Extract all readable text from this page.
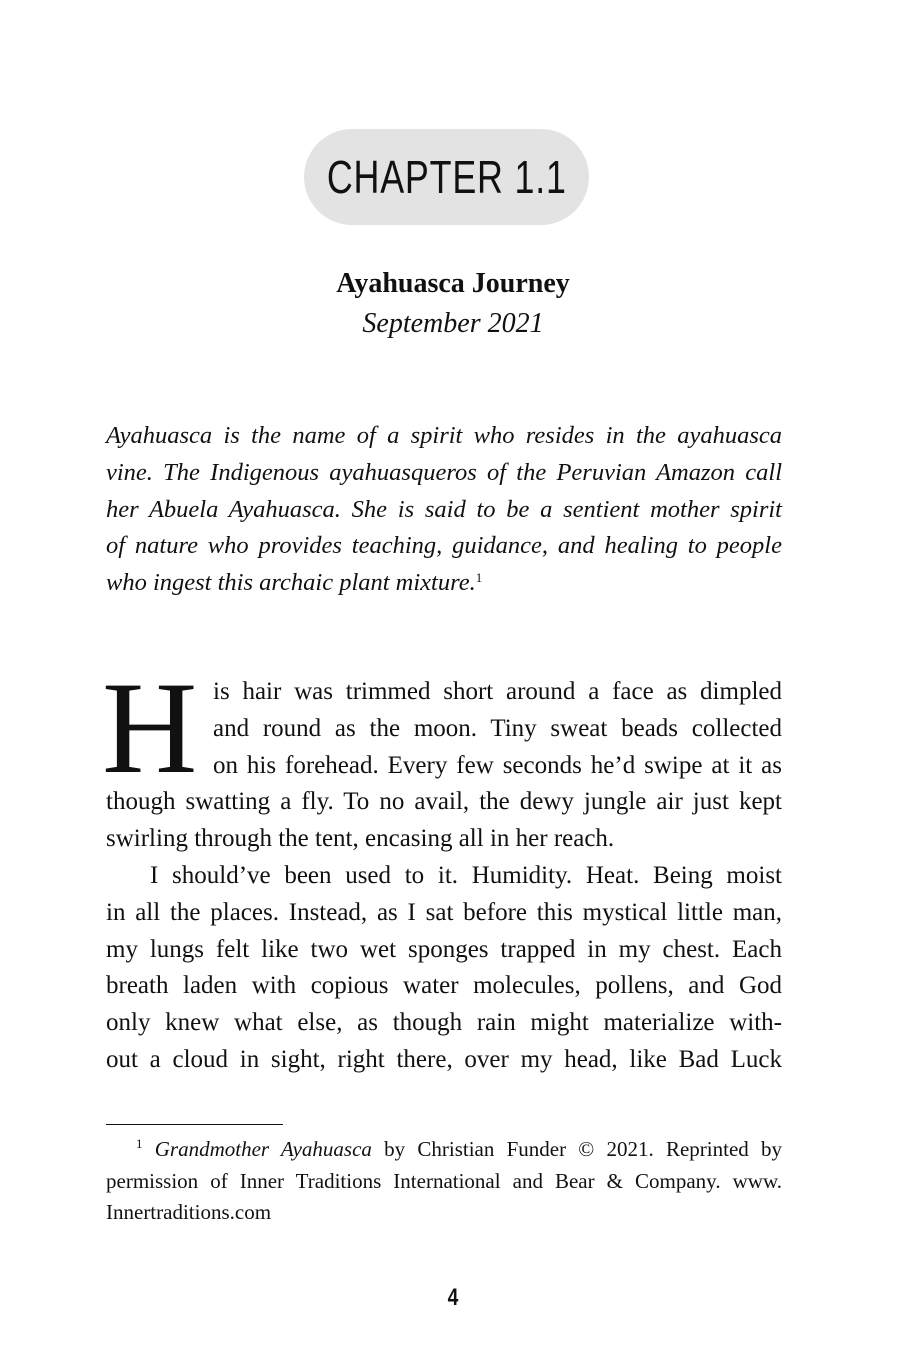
CHAPTER 1.1
Ayahuasca Journey
September 2021
Ayahuasca is the name of a spirit who resides in the ayahuasca
vine. The Indigenous ayahuasqueros of the Peruvian Amazon call
her Abuela Ayahuasca. She is said to be a sentient mother spirit
of nature who provides teaching, guidance, and healing to people
who ingest this archaic plant mixture.$^1$
H is hair was trimmed short around a face as dimpled
and round as the moon. Tiny sweat beads collected
on his forehead. Every few seconds he’d swipe at it as
though swatting a fly. To no avail, the dewy jungle air just kept
swirling through the tent, encasing all in her reach.
I should’ve been used to it. Humidity. Heat. Being moist
in all the places. Instead, as I sat before this mystical little man,
my lungs felt like two wet sponges trapped in my chest. Each
breath laden with copious water molecules, pollens, and God
only knew what else, as though rain might materialize with-
out a cloud in sight, right there, over my head, like Bad Luck
$^1$ Grandmother Ayahuasca by Christian Funder © 2021. Reprinted by
permission of Inner Traditions International and Bear & Company. www.
Innertraditions.com
4
